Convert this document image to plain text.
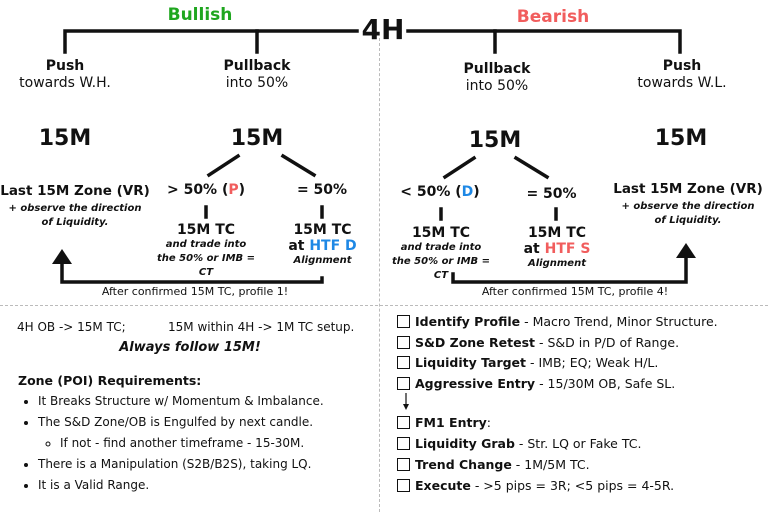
Bullish	4H	Bearish
Push
towards W.H.
Pullback
into 50%
15M	15M
Last 15M Zone (VR)
+ observe the direction
of Liquidity.
> 50% (P)	= 50%
15M TC
and trade into
the 50% or IMB = CT
15M TC
at HTF D
Alignment
After confirmed 15M TC, profile 1!
Pullback
into 50%
Push
towards W.L.
15M	15M
< 50% (D)	= 50%	Last 15M Zone (VR)
+ observe the direction
of Liquidity.
15M TC
and trade into
the 50% or IMB = CT
15M TC
at HTF S
Alignment
After confirmed 15M TC, profile 4!
4H OB -> 15M TC;	15M within 4H -> 1M TC setup.
Always follow 15M!
Zone (POI) Requirements:
• It Breaks Structure w/ Momentum & Imbalance.
• The S&D Zone/OB is Engulfed by next candle.
◦ If not - find another timeframe - 15-30M.
• There is a Manipulation (S2B/B2S), taking LQ.
• It is a Valid Range.
Identify Profile - Macro Trend, Minor Structure.
S&D Zone Retest - S&D in P/D of Range.
Liquidity Target - IMB; EQ; Weak H/L.
Aggressive Entry - 15/30M OB, Safe SL.
FM1 Entry:
Liquidity Grab - Str. LQ or Fake TC.
Trend Change - 1M/5M TC.
Execute - >5 pips = 3R; <5 pips = 4-5R.
